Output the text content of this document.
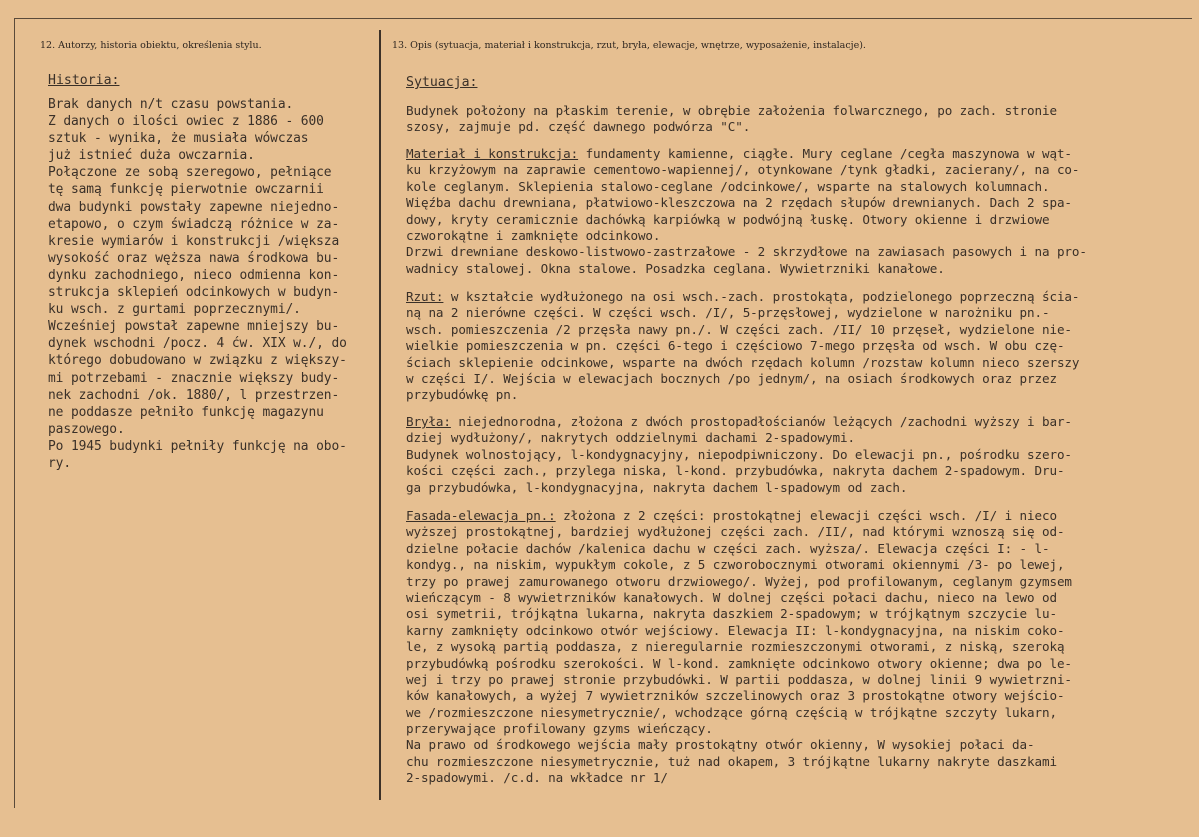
12. Autorzy, historia obiektu, określenia stylu.	13. Opis (sytuacja, materiał i konstrukcja, rzut, bryła, elewacje, wnętrze, wyposażenie, instalacje).
Historia:
Brak danych n/t czasu powstania.
Z danych o ilości owiec z 1886 - 600
sztuk - wynika, że musiała wówczas
już istnieć duża owczarnia.
Połączone ze sobą szeregowo, pełniące
tę samą funkcję pierwotnie owczarnii
dwa budynki powstały zapewne niejedno-
etapowo, o czym świadczą różnice w za-
kresie wymiarów i konstrukcji /większa
wysokość oraz węższa nawa środkowa bu-
dynku zachodniego, nieco odmienna kon-
strukcja sklepień odcinkowych w budyn-
ku wsch. z gurtami poprzecznymi/.
Wcześniej powstał zapewne mniejszy bu-
dynek wschodni /pocz. 4 ćw. XIX w./, do
którego dobudowano w związku z większy-
mi potrzebami - znacznie większy budy-
nek zachodni /ok. 1880/, l przestrzen-
ne poddasze pełniło funkcję magazynu
paszowego.
Po 1945 budynki pełniły funkcję na obo-
ry.
Sytuacja:
Budynek położony na płaskim terenie, w obrębie założenia folwarcznego, po zach. stronie
szosy, zajmuje pd. część dawnego podwórza "C".
Materiał i konstrukcja: fundamenty kamienne, ciągłe. Mury ceglane /cegła maszynowa w wąt-
ku krzyżowym na zaprawie cementowo-wapiennej/, otynkowane /tynk gładki, zacierany/, na co-
kole ceglanym. Sklepienia stalowo-ceglane /odcinkowe/, wsparte na stalowych kolumnach.
Więźba dachu drewniana, płatwiowo-kleszczowa na 2 rzędach słupów drewnianych. Dach 2 spa-
dowy, kryty ceramicznie dachówką karpiówką w podwójną łuskę. Otwory okienne i drzwiowe
czworokątne i zamknięte odcinkowo.
Drzwi drewniane deskowo-listwowo-zastrzałowe - 2 skrzydłowe na zawiasach pasowych i na pro-
wadnicy stalowej. Okna stalowe. Posadzka ceglana. Wywietrzniki kanałowe.
Rzut: w kształcie wydłużonego na osi wsch.-zach. prostokąta, podzielonego poprzeczną ścia-
ną na 2 nierówne części. W części wsch. /I/, 5-przęsłowej, wydzielone w narożniku pn.-
wsch. pomieszczenia /2 przęsła nawy pn./. W części zach. /II/ 10 przęseł, wydzielone nie-
wielkie pomieszczenia w pn. części 6-tego i częściowo 7-mego przęsła od wsch. W obu czę-
ściach sklepienie odcinkowe, wsparte na dwóch rzędach kolumn /rozstaw kolumn nieco szerszy
w części I/. Wejścia w elewacjach bocznych /po jednym/, na osiach środkowych oraz przez
przybudówkę pn.
Bryła: niejednorodna, złożona z dwóch prostopadłościanów leżących /zachodni wyższy i bar-
dziej wydłużony/, nakrytych oddzielnymi dachami 2-spadowymi.
Budynek wolnostojący, l-kondygnacyjny, niepodpiwniczony. Do elewacji pn., pośrodku szero-
kości części zach., przylega niska, l-kond. przybudówka, nakryta dachem 2-spadowym. Dru-
ga przybudówka, l-kondygnacyjna, nakryta dachem l-spadowym od zach.
Fasada-elewacja pn.: złożona z 2 części: prostokątnej elewacji części wsch. /I/ i nieco
wyższej prostokątnej, bardziej wydłużonej części zach. /II/, nad którymi wznoszą się od-
dzielne połacie dachów /kalenica dachu w części zach. wyższa/. Elewacja części I: - l-
kondyg., na niskim, wypukłym cokole, z 5 czworobocznymi otworami okiennymi /3- po lewej,
trzy po prawej zamurowanego otworu drzwiowego/. Wyżej, pod profilowanym, ceglanym gzymsem
wieńczącym - 8 wywietrzników kanałowych. W dolnej części połaci dachu, nieco na lewo od
osi symetrii, trójkątna lukarna, nakryta daszkiem 2-spadowym; w trójkątnym szczycie lu-
karny zamknięty odcinkowo otwór wejściowy. Elewacja II: l-kondygnacyjna, na niskim coko-
le, z wysoką partią poddasza, z nieregularnie rozmieszczonymi otworami, z niską, szeroką
przybudówką pośrodku szerokości. W l-kond. zamknięte odcinkowo otwory okienne; dwa po le-
wej i trzy po prawej stronie przybudówki. W partii poddasza, w dolnej linii 9 wywietrzni-
ków kanałowych, a wyżej 7 wywietrzników szczelinowych oraz 3 prostokątne otwory wejścio-
we /rozmieszczone niesymetrycznie/, wchodzące górną częścią w trójkątne szczyty lukarn,
przerywające profilowany gzyms wieńczący.
Na prawo od środkowego wejścia mały prostokątny otwór okienny, W wysokiej połaci da-
chu rozmieszczone niesymetrycznie, tuż nad okapem, 3 trójkątne lukarny nakryte daszkami
2-spadowymi. /c.d. na wkładce nr 1/
